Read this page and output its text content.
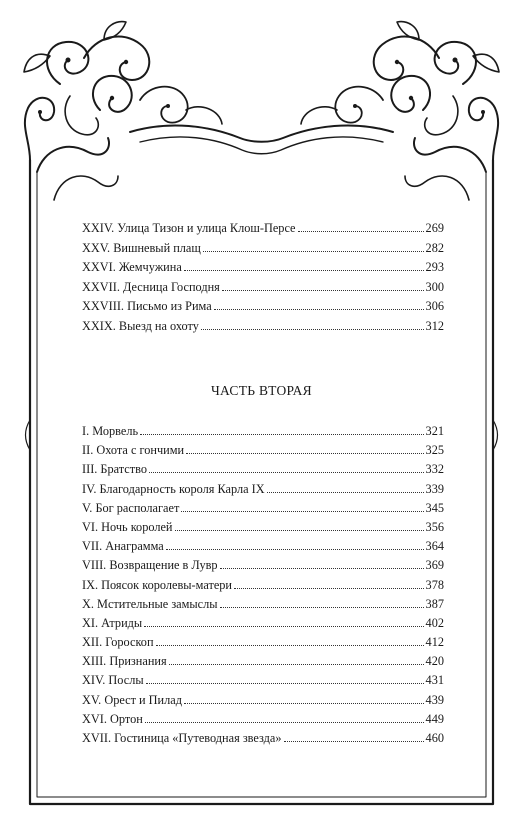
XXIV. Улица Тизон и улица Клош-Персе	269
XXV. Вишневый плащ	282
XXVI. Жемчужина	293
XXVII. Десница Господня	300
XXVIII. Письмо из Рима	306
XXIX. Выезд на охоту	312
ЧАСТЬ ВТОРАЯ
I. Морвель	321
II. Охота с гончими	325
III. Братство	332
IV. Благодарность короля Карла IX	339
V. Бог располагает	345
VI. Ночь королей	356
VII. Анаграмма	364
VIII. Возвращение в Лувр	369
IX. Поясок королевы-матери	378
X. Мстительные замыслы	387
XI. Атриды	402
XII. Гороскоп	412
XIII. Признания	420
XIV. Послы	431
XV. Орест и Пилад	439
XVI. Ортон	449
XVII. Гостиница «Путеводная звезда»	460
